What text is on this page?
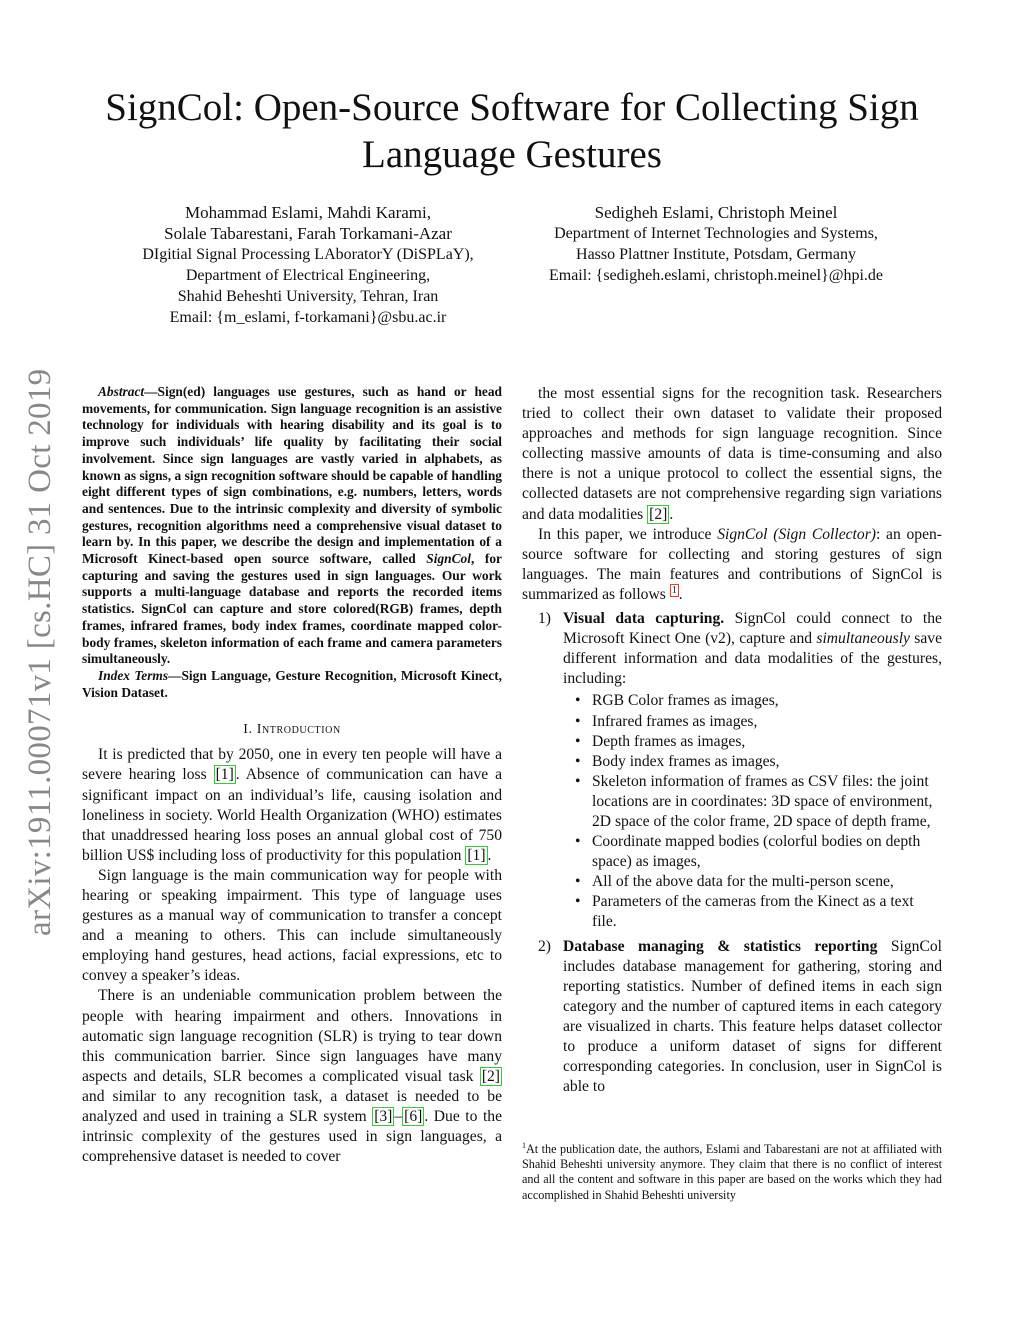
SignCol: Open-Source Software for Collecting Sign Language Gestures
Mohammad Eslami, Mahdi Karami,
Solale Tabarestani, Farah Torkamani-Azar
DIgitial Signal Processing LAboratorY (DiSPLaY),
Department of Electrical Engineering,
Shahid Beheshti University, Tehran, Iran
Email: {m_eslami, f-torkamani}@sbu.ac.ir
Sedigheh Eslami, Christoph Meinel
Department of Internet Technologies and Systems,
Hasso Plattner Institute, Potsdam, Germany
Email: {sedigheh.eslami, christoph.meinel}@hpi.de
arXiv:1911.00071v1 [cs.HC] 31 Oct 2019	Abstract—Sign(ed) languages use gestures, such as hand or head movements, for communication. Sign language recognition is an assistive technology for individuals with hearing disability and its goal is to improve such individuals’ life quality by facilitating their social involvement. Since sign languages are vastly varied in alphabets, as known as signs, a sign recognition software should be capable of handling eight different types of sign combinations, e.g. numbers, letters, words and sentences. Due to the intrinsic complexity and diversity of symbolic gestures, recognition algorithms need a comprehensive visual dataset to learn by. In this paper, we describe the design and implementation of a Microsoft Kinect-based open source software, called SignCol, for capturing and saving the gestures used in sign languages. Our work supports a multi-language database and reports the recorded items statistics. SignCol can capture and store colored(RGB) frames, depth frames, infrared frames, body index frames, coordinate mapped color-body frames, skeleton information of each frame and camera parameters simultaneously.

Index Terms—Sign Language, Gesture Recognition, Microsoft Kinect, Vision Dataset.

I. Introduction

It is predicted that by 2050, one in every ten people will have a severe hearing loss [1] . Absence of communication can have a significant impact on an individual’s life, causing isolation and loneliness in society. World Health Organization (WHO) estimates that unaddressed hearing loss poses an annual global cost of 750 billion US$ including loss of productivity for this population [1] .

Sign language is the main communication way for people with hearing or speaking impairment. This type of language uses gestures as a manual way of communication to transfer a concept and a meaning to others. This can include simultaneously employing hand gestures, head actions, facial expressions, etc to convey a speaker’s ideas.

There is an undeniable communication problem between the people with hearing impairment and others. Innovations in automatic sign language recognition (SLR) is trying to tear down this communication barrier. Since sign languages have many aspects and details, SLR becomes a complicated visual task [2] and similar to any recognition task, a dataset is needed to be analyzed and used in training a SLR system [3] – [6] . Due to the intrinsic complexity of the gestures used in sign languages, a comprehensive dataset is needed to cover

the most essential signs for the recognition task. Researchers tried to collect their own dataset to validate their proposed approaches and methods for sign language recognition. Since collecting massive amounts of data is time-consuming and also there is not a unique protocol to collect the essential signs, the collected datasets are not comprehensive regarding sign variations and data modalities [2] .

In this paper, we introduce SignCol (Sign Collector): an open-source software for collecting and storing gestures of sign languages. The main features and contributions of SignCol is summarized as follows $^1$ .

1) Visual data capturing. SignCol could connect to the Microsoft Kinect One (v2), capture and simultaneously save different information and data modalities of the gestures, including:
• RGB Color frames as images,
• Infrared frames as images,
• Depth frames as images,
• Body index frames as images,
• Skeleton information of frames as CSV files: the joint locations are in coordinates: 3D space of environment, 2D space of the color frame, 2D space of depth frame,
• Coordinate mapped bodies (colorful bodies on depth space) as images,
• All of the above data for the multi-person scene,
• Parameters of the cameras from the Kinect as a text file.
2) Database managing & statistics reporting SignCol includes database management for gathering, storing and reporting statistics. Number of defined items in each sign category and the number of captured items in each category are visualized in charts. This feature helps dataset collector to produce a uniform dataset of signs for different corresponding categories. In conclusion, user in SignCol is able to
$^1$At the publication date, the authors, Eslami and Tabarestani are not at affiliated with Shahid Beheshti university anymore. They claim that there is no conflict of interest and all the content and software in this paper are based on the works which they had accomplished in Shahid Beheshti university
